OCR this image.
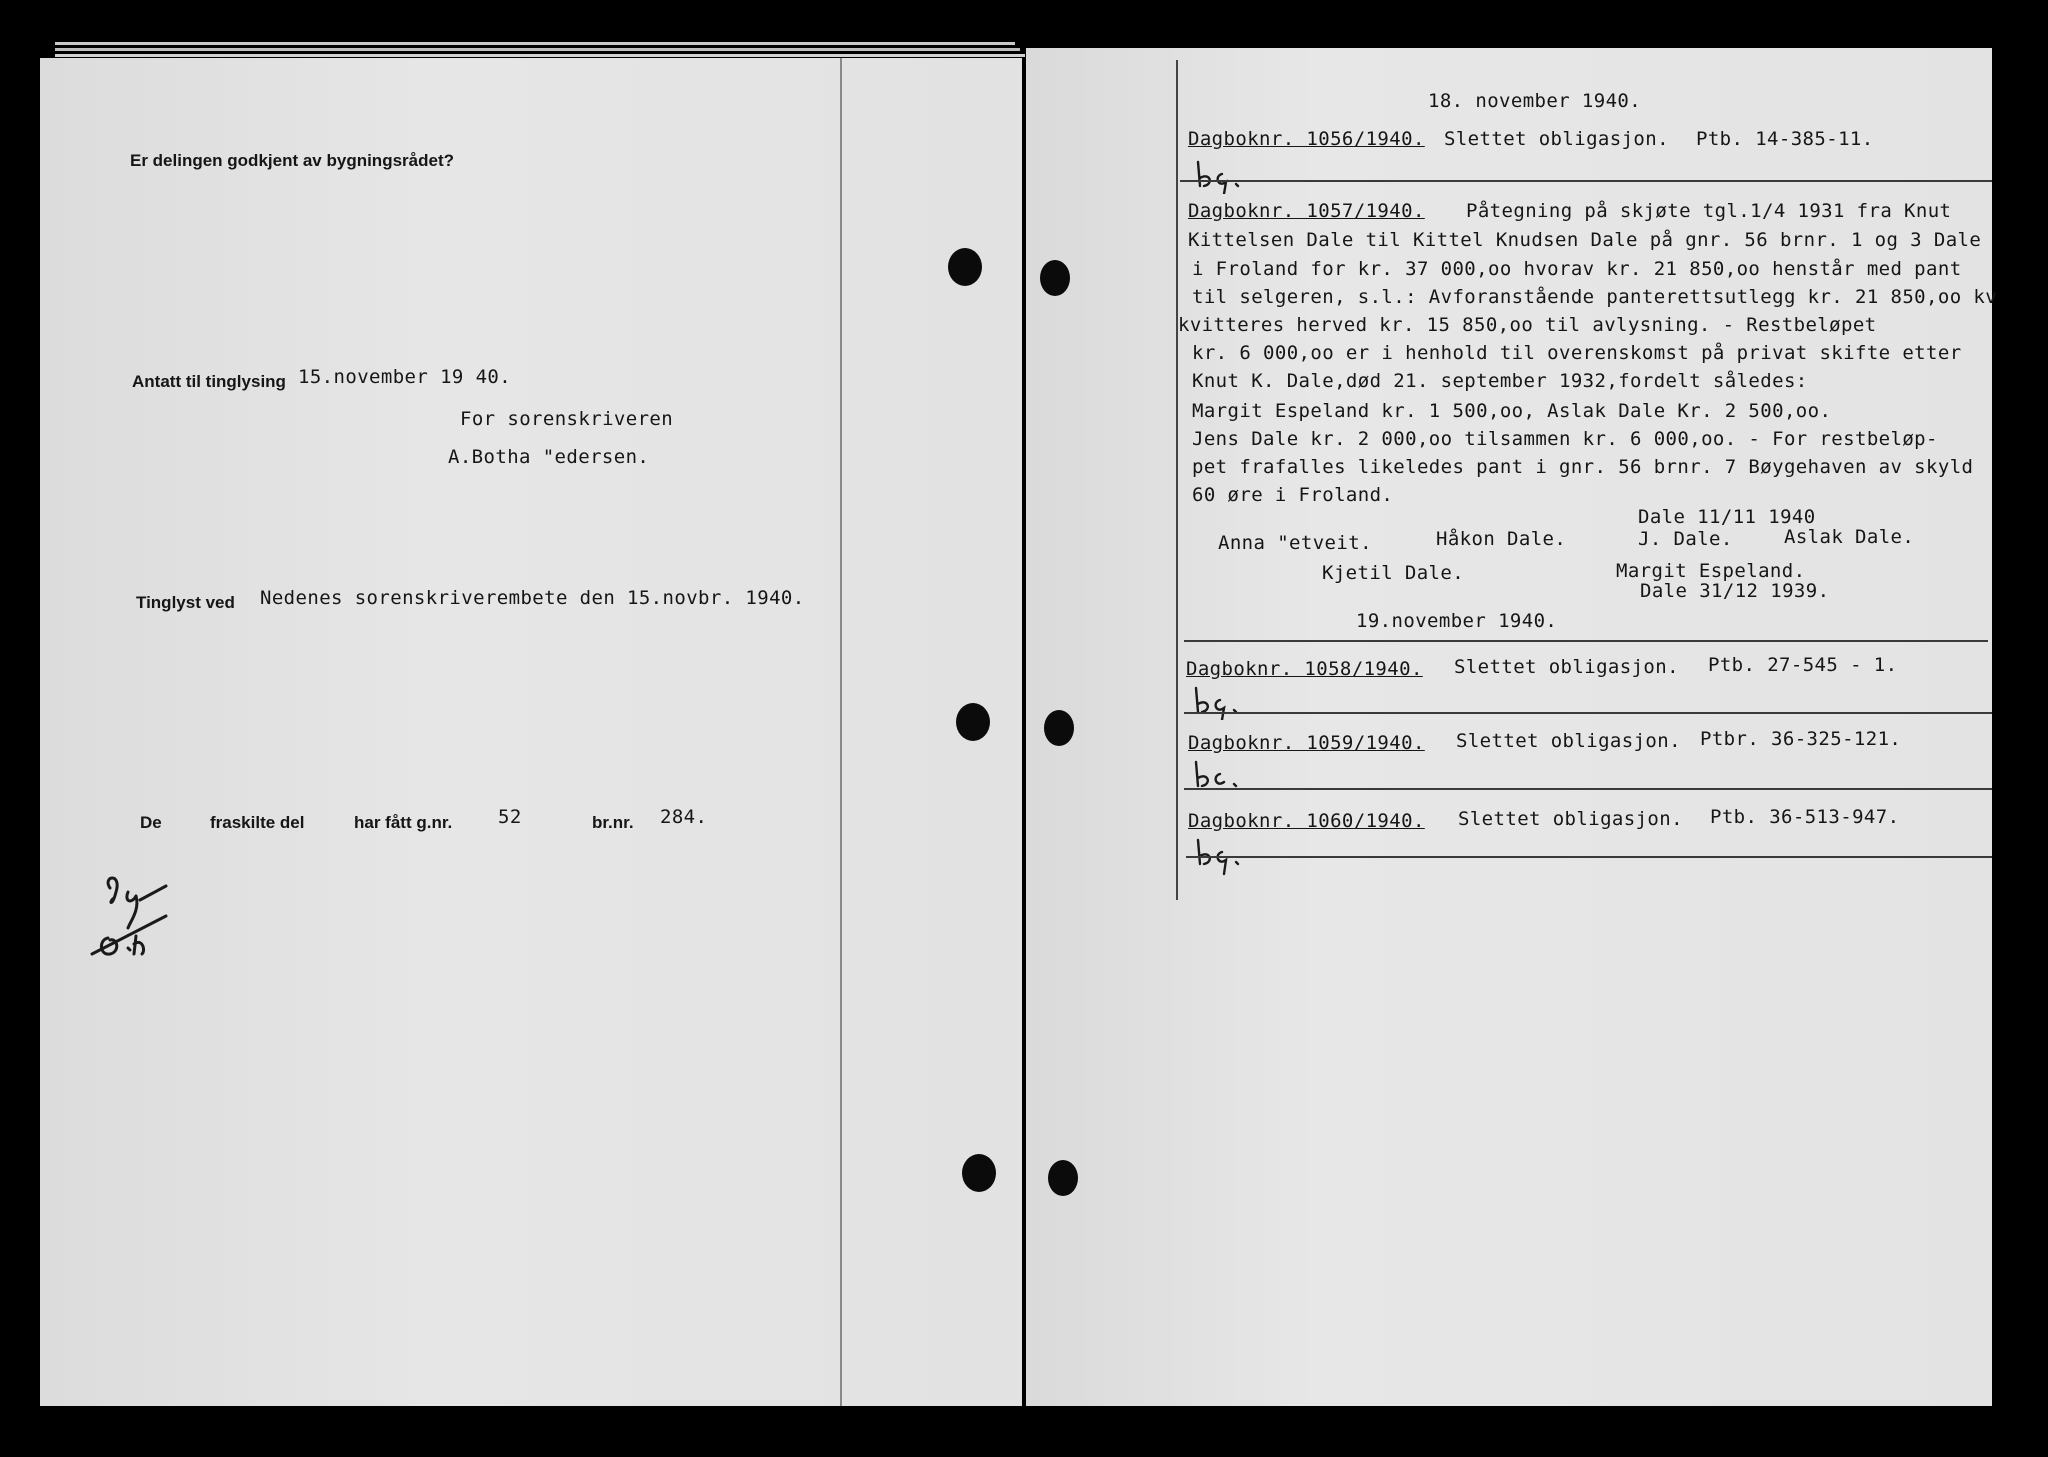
Er delingen godkjent av bygningsrådet?
Antatt til tinglysing 15.november 19 40.
For sorenskriveren
A.Botha "edersen.
Tinglyst ved Nedenes sorenskriverembete den 15.novbr. 1940.
De	fraskilte del	har fått g.nr. 52	br.nr. 284.
18. november 1940.
Dagboknr. 1056/1940. Slettet obligasjon. Ptb. 14-385-11.
Dagboknr. 1057/1940. Påtegning på skjøte tgl.1/4 1931 fra Knut
Kittelsen Dale til Kittel Knudsen Dale på gnr. 56 brnr. 1 og 3 Dale
i Froland for kr. 37 000,oo hvorav kr. 21 850,oo henstår med pant
til selgeren, s.l.: Avforanstående panterettsutlegg kr. 21 850,oo kv
kvitteres herved kr. 15 850,oo til avlysning. - Restbeløpet
kr. 6 000,oo er i henhold til overenskomst på privat skifte etter
Knut K. Dale,død 21. september 1932,fordelt således:
Margit Espeland kr. 1 500,oo, Aslak Dale Kr. 2 500,oo.
Jens Dale kr. 2 000,oo tilsammen kr. 6 000,oo. - For restbeløp-
pet frafalles likeledes pant i gnr. 56 brnr. 7 Bøygehaven av skyld
60 øre i Froland.
Dale 11/11 1940
Anna "etveit.	Håkon Dale.	J. Dale.	Aslak Dale.
Kjetil Dale.	Margit Espeland.
Dale 31/12 1939.
19.november 1940.
Dagboknr. 1058/1940. Slettet obligasjon. Ptb. 27-545 - 1.
Dagboknr. 1059/1940. Slettet obligasjon. Ptbr. 36-325-121.
Dagboknr. 1060/1940. Slettet obligasjon. Ptb. 36-513-947.
